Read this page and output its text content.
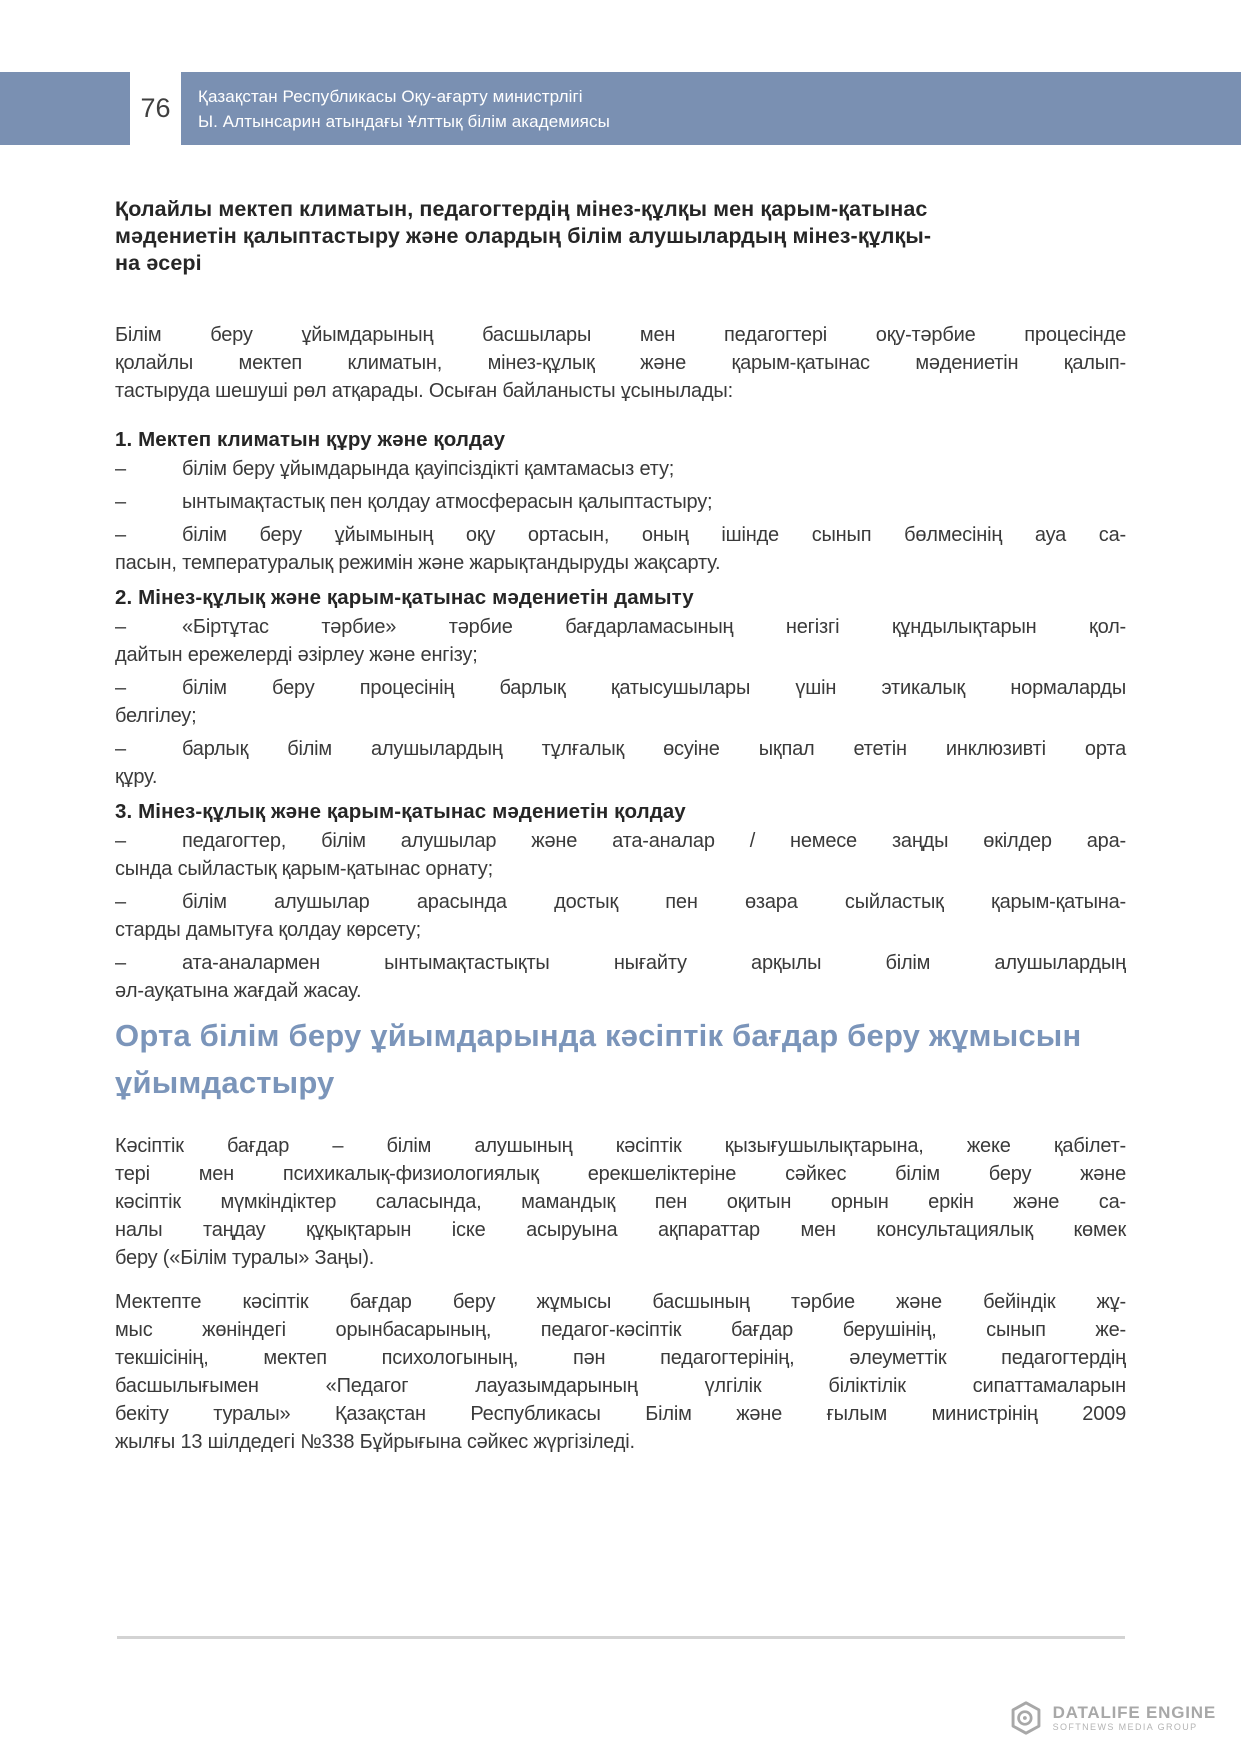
76	Қазақстан Республикасы Оқу-ағарту министрлігі
Ы. Алтынсарин атындағы Ұлттық білім академиясы
Қолайлы мектеп климатын, педагогтердің мінез-құлқы мен қарым-қатынас
мәдениетін қалыптастыру және олардың білім алушылардың мінез-құлқы-
на әсері
Білім беру ұйымдарының басшылары мен педагогтері оқу-тәрбие процесінде
қолайлы мектеп климатын, мінез-құлық және қарым-қатынас мәдениетін қалып-
тастыруда шешуші рөл атқарады. Осыған байланысты ұсынылады:
1. Мектеп климатын құру және қолдау
–	білім беру ұйымдарында қауіпсіздікті қамтамасыз ету;
–	ынтымақтастық пен қолдау атмосферасын қалыптастыру;
–	білім беру ұйымының оқу ортасын, оның ішінде сынып бөлмесінің ауа са-
пасын, температуралық режимін және жарықтандыруды жақсарту.
2. Мінез-құлық және қарым-қатынас мәдениетін дамыту
–	«Біртұтас тәрбие» тәрбие бағдарламасының негізгі құндылықтарын қол-
дайтын ережелерді әзірлеу және енгізу;
–	білім беру процесінің барлық қатысушылары үшін этикалық нормаларды
белгілеу;
–	барлық білім алушылардың тұлғалық өсуіне ықпал ететін инклюзивті орта
құру.
3. Мінез-құлық және қарым-қатынас мәдениетін қолдау
–	педагогтер, білім алушылар және ата-аналар / немесе заңды өкілдер ара-
сында сыйластық қарым-қатынас орнату;
–	білім алушылар арасында достық пен өзара сыйластық қарым-қатына-
старды дамытуға қолдау көрсету;
–	ата-аналармен ынтымақтастықты нығайту арқылы білім алушылардың
әл-ауқатына жағдай жасау.
Орта білім беру ұйымдарында кәсіптік бағдар беру жұмысын
ұйымдастыру
Кәсіптік бағдар – білім алушының кәсіптік қызығушылықтарына, жеке қабілет-
тері мен психикалық-физиологиялық ерекшеліктеріне сәйкес білім беру және
кәсіптік мүмкіндіктер саласында, мамандық пен оқитын орнын еркін және са-
налы таңдау құқықтарын іске асыруына ақпараттар мен консультациялық көмек
беру («Білім туралы» Заңы).
Мектепте кәсіптік бағдар беру жұмысы басшының тәрбие және бейіндік жұ-
мыс жөніндегі орынбасарының, педагог-кәсіптік бағдар берушінің, сынып же-
текшісінің, мектеп психологының, пән педагогтерінің, әлеуметтік педагогтердің
басшылығымен «Педагог лауазымдарының үлгілік біліктілік сипаттамаларын
бекіту туралы» Қазақстан Республикасы Білім және ғылым министрінің 2009
жылғы 13 шілдедегі №338 Бұйрығына сәйкес жүргізіледі.
DATALIFE ENGINE
SOFTNEWS MEDIA GROUP
